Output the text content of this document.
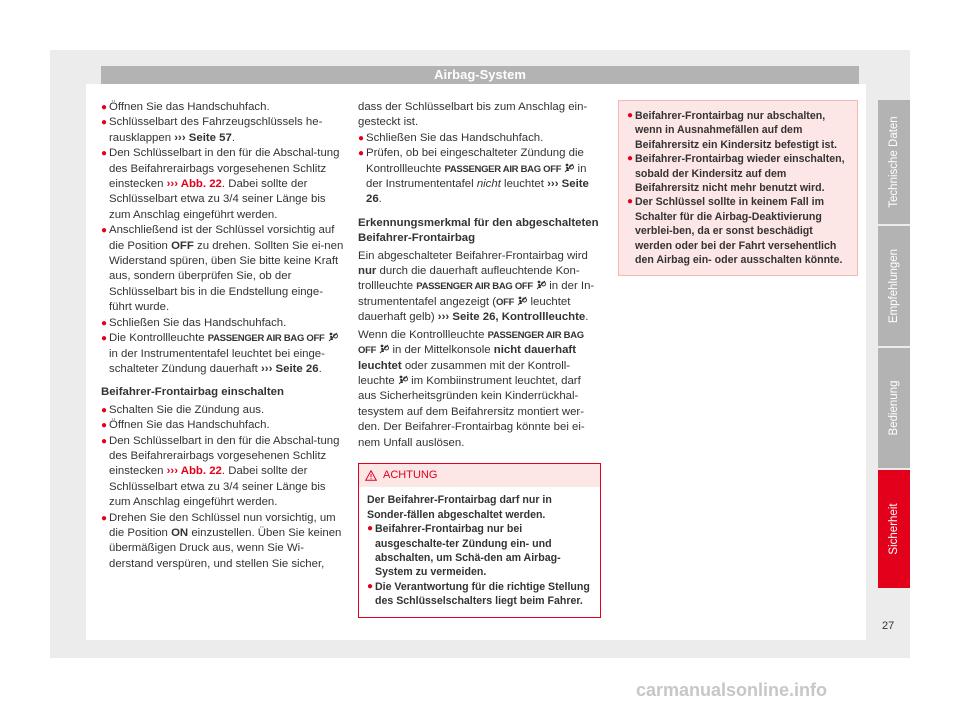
Airbag-System

● Öffnen Sie das Handschuhfach.

● Schlüsselbart des Fahrzeugschlüssels he-rausklappen ››› Seite 57.

● Den Schlüsselbart in den für die Abschal-tung des Beifahrerairbags vorgesehenen Schlitz einstecken ››› Abb. 22. Dabei sollte der Schlüsselbart etwa zu 3/4 seiner Länge bis zum Anschlag eingeführt werden.

● Anschließend ist der Schlüssel vorsichtig auf die Position OFF zu drehen. Sollten Sie ei-nen Widerstand spüren, üben Sie bitte keine Kraft aus, sondern überprüfen Sie, ob der Schlüsselbart bis in die Endstellung einge-führt wurde.

● Schließen Sie das Handschuhfach.

● Die Kontrollleuchte PASSENGER AIR BAG OFF  in der Instrumententafel leuchtet bei einge-schalteter Zündung dauerhaft ››› Seite 26.

Beifahrer-Frontairbag einschalten

● Schalten Sie die Zündung aus.

● Öffnen Sie das Handschuhfach.

● Den Schlüsselbart in den für die Abschal-tung des Beifahrerairbags vorgesehenen Schlitz einstecken ››› Abb. 22. Dabei sollte der Schlüsselbart etwa zu 3/4 seiner Länge bis zum Anschlag eingeführt werden.

● Drehen Sie den Schlüssel nun vorsichtig, um die Position ON einzustellen. Üben Sie keinen übermäßigen Druck aus, wenn Sie Wi-derstand verspüren, und stellen Sie sicher,

dass der Schlüsselbart bis zum Anschlag ein-gesteckt ist.

● Schließen Sie das Handschuhfach.

● Prüfen, ob bei eingeschalteter Zündung die Kontrollleuchte PASSENGER AIR BAG OFF  in der Instrumententafel nicht leuchtet ››› Seite 26.

Erkennungsmerkmal für den abgeschalteten Beifahrer-Frontairbag

Ein abgeschalteter Beifahrer-Frontairbag wird nur durch die dauerhaft aufleuchtende Kon-trollleuchte PASSENGER AIR BAG OFF  in der In-strumententafel angezeigt (OFF  leuchtet dauerhaft gelb) ››› Seite 26, Kontrollleuchte.

Wenn die Kontrollleuchte PASSENGER AIR BAG OFF  in der Mittelkonsole nicht dauerhaft leuchtet oder zusammen mit der Kontroll-leuchte  im Kombiinstrument leuchtet, darf aus Sicherheitsgründen kein Kinderrückhal-tesystem auf dem Beifahrersitz montiert wer-den. Der Beifahrer-Frontairbag könnte bei ei-nem Unfall auslösen.

ACHTUNG

Der Beifahrer-Frontairbag darf nur in Sonder-fällen abgeschaltet werden.

● Beifahrer-Frontairbag nur bei ausgeschalte-ter Zündung ein- und abschalten, um Schä-den am Airbag-System zu vermeiden.

● Die Verantwortung für die richtige Stellung des Schlüsselschalters liegt beim Fahrer.

● Beifahrer-Frontairbag nur abschalten, wenn in Ausnahmefällen auf dem Beifahrersitz ein Kindersitz befestigt ist.

● Beifahrer-Frontairbag wieder einschalten, sobald der Kindersitz auf dem Beifahrersitz nicht mehr benutzt wird.

● Der Schlüssel sollte in keinem Fall im Schalter für die Airbag-Deaktivierung verblei-ben, da er sonst beschädigt werden oder bei der Fahrt versehentlich den Airbag ein- oder ausschalten könnte.

Technische Daten
Empfehlungen
Bedienung
Sicherheit
27
carmanualsonline.info
